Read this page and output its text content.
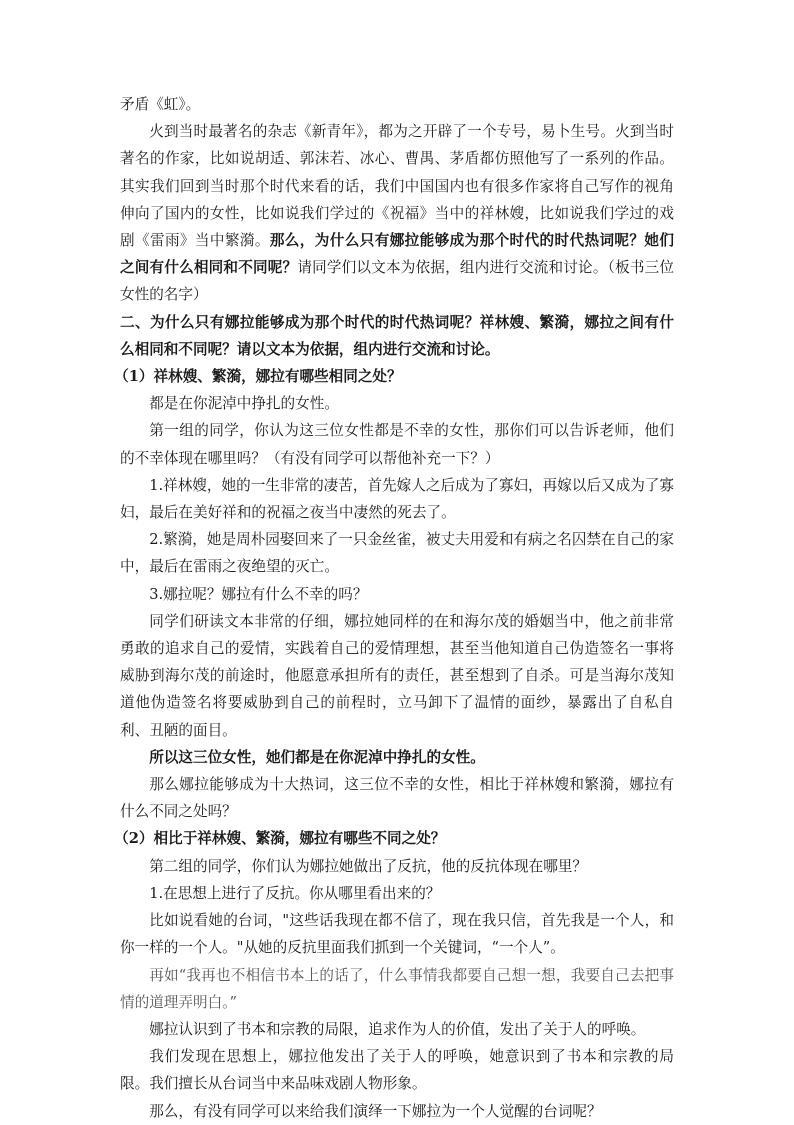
矛盾《虹》。

火到当时最著名的杂志《新青年》，都为之开辟了一个专号，易卜生号。火到当时著名的作家，比如说胡适、郭沫若、冰心、曹禺、茅盾都仿照他写了一系列的作品。其实我们回到当时那个时代来看的话，我们中国国内也有很多作家将自己写作的视角伸向了国内的女性，比如说我们学过的《祝福》当中的祥林嫂，比如说我们学过的戏剧《雷雨》当中繁漪。那么，为什么只有娜拉能够成为那个时代的时代热词呢？她们之间有什么相同和不同呢？请同学们以文本为依据，组内进行交流和讨论。（板书三位女性的名字）

二、为什么只有娜拉能够成为那个时代的时代热词呢？祥林嫂、繁漪，娜拉之间有什么相同和不同呢？请以文本为依据，组内进行交流和讨论。

（1）祥林嫂、繁漪，娜拉有哪些相同之处？

都是在你泥淖中挣扎的女性。

第一组的同学，你认为这三位女性都是不幸的女性，那你们可以告诉老师，他们的不幸体现在哪里吗？（有没有同学可以帮他补充一下？）

1.祥林嫂，她的一生非常的凄苦，首先嫁人之后成为了寡妇，再嫁以后又成为了寡妇，最后在美好祥和的祝福之夜当中凄然的死去了。

2.繁漪，她是周朴园娶回来了一只金丝雀，被丈夫用爱和有病之名囚禁在自己的家中，最后在雷雨之夜绝望的灭亡。

3.娜拉呢？娜拉有什么不幸的吗？

同学们研读文本非常的仔细，娜拉她同样的在和海尔茂的婚姻当中，他之前非常勇敢的追求自己的爱情，实践着自己的爱情理想，甚至当他知道自己伪造签名一事将威胁到海尔茂的前途时，他愿意承担所有的责任，甚至想到了自杀。可是当海尔茂知道他伪造签名将要威胁到自己的前程时，立马卸下了温情的面纱，暴露出了自私自利、丑陋的面目。

所以这三位女性，她们都是在你泥淖中挣扎的女性。

那么娜拉能够成为十大热词，这三位不幸的女性，相比于祥林嫂和繁漪，娜拉有什么不同之处吗？

（2）相比于祥林嫂、繁漪，娜拉有哪些不同之处？

第二组的同学，你们认为娜拉她做出了反抗，他的反抗体现在哪里？

1.在思想上进行了反抗。你从哪里看出来的？

比如说看她的台词，"这些话我现在都不信了，现在我只信，首先我是一个人，和你一样的一个人。"从她的反抗里面我们抓到一个关键词，“一个人”。

再如“我再也不相信书本上的话了，什么事情我都要自己想一想，我要自己去把事情的道理弄明白。”

娜拉认识到了书本和宗教的局限，追求作为人的价值，发出了关于人的呼唤。

我们发现在思想上，娜拉他发出了关于人的呼唤，她意识到了书本和宗教的局限。我们擅长从台词当中来品味戏剧人物形象。

那么，有没有同学可以来给我们演绎一下娜拉为一个人觉醒的台词呢？
